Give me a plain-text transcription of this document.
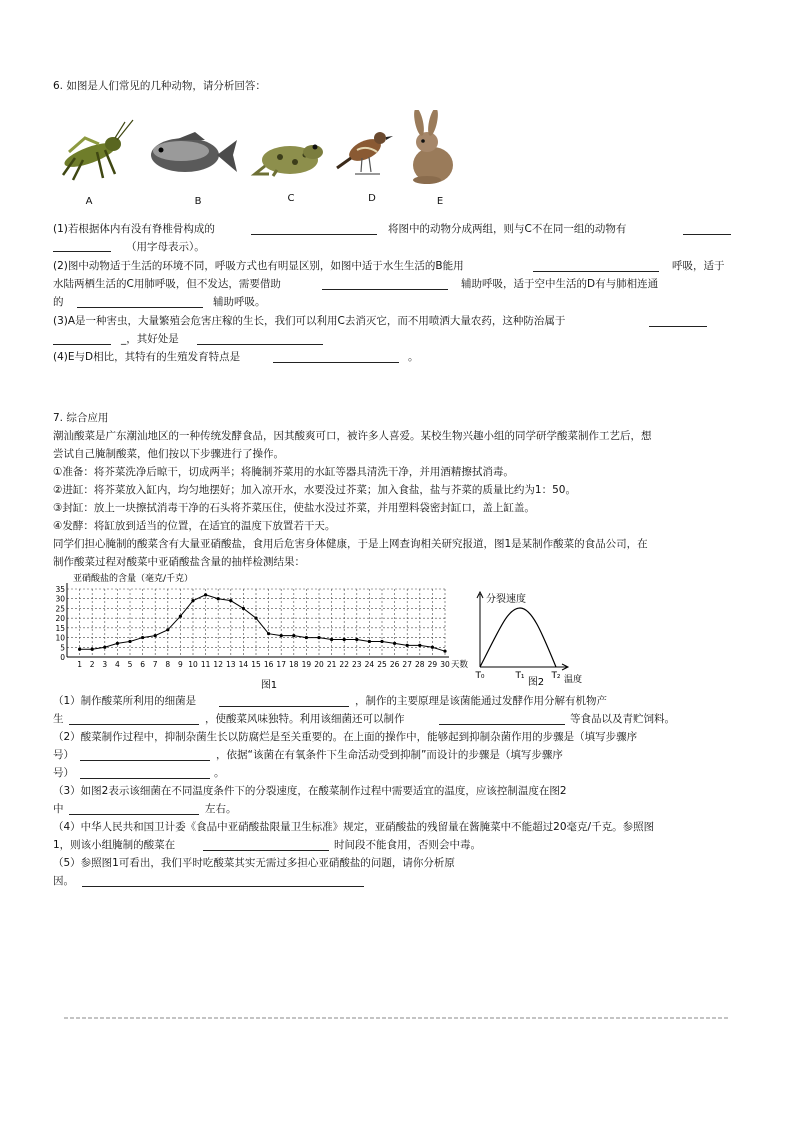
6. 如图是人们常见的几种动物，请分析回答：
A	B	C	D	E
(1)若根据体内有没有脊椎骨构成的	将图中的动物分成两组，则与C不在同一组的动物有
（用字母表示）。
(2)图中动物适于生活的环境不同，呼吸方式也有明显区别，如图中适于水生生活的B能用	呼吸，适于
水陆两栖生活的C用肺呼吸，但不发达，需要借助	辅助呼吸，适于空中生活的D有与肺相连通
的	辅助呼吸。
(3)A是一种害虫，大量繁殖会危害庄稼的生长，我们可以利用C去消灭它，而不用喷洒大量农药，这种防治属于
_，其好处是
(4)E与D相比，其特有的生殖发育特点是	。
7. 综合应用
潮汕酸菜是广东潮汕地区的一种传统发酵食品，因其酸爽可口，被许多人喜爱。某校生物兴趣小组的同学研学酸菜制作工艺后，想
尝试自己腌制酸菜，他们按以下步骤进行了操作。
①准备：将芥菜洗净后晾干，切成两半；将腌制芥菜用的水缸等器具清洗干净，并用酒精擦拭消毒。
②进缸：将芥菜放入缸内，均匀地摆好；加入凉开水，水要没过芥菜；加入食盐，盐与芥菜的质量比约为1：50。
③封缸：放上一块擦拭消毒干净的石头将芥菜压住，使盐水没过芥菜，并用塑料袋密封缸口，盖上缸盖。
④发酵：将缸放到适当的位置，在适宜的温度下放置若干天。
同学们担心腌制的酸菜含有大量亚硝酸盐，食用后危害身体健康，于是上网查询相关研究报道，图1是某制作酸菜的食品公司，在
制作酸菜过程对酸菜中亚硝酸盐含量的抽样检测结果：
亚硝酸盐的含量（毫克/千克）
0
5
10
15
20
25
30
35
1 2 3 4 5 6 7 8 9 10 11 12 13 14 15 16 17 18 19 20 21 22 23 24 25 26 27 28 29 30 天数
图1
分裂速度
T₀	T₁	T₂ 温度
图2
（1）制作酸菜所利用的细菌是	，制作的主要原理是该菌能通过发酵作用分解有机物产
生	，使酸菜风味独特。利用该细菌还可以制作	等食品以及青贮饲料。
（2）酸菜制作过程中，抑制杂菌生长以防腐烂是至关重要的。在上面的操作中，能够起到抑制杂菌作用的步骤是（填写步骤序
号）	，依据“该菌在有氧条件下生命活动受到抑制”而设计的步骤是（填写步骤序
号）	。
（3）如图2表示该细菌在不同温度条件下的分裂速度，在酸菜制作过程中需要适宜的温度，应该控制温度在图2
中	左右。
（4）中华人民共和国卫计委《食品中亚硝酸盐限量卫生标准》规定，亚硝酸盐的残留量在酱腌菜中不能超过20毫克/千克。参照图
1，则该小组腌制的酸菜在	时间段不能食用，否则会中毒。
（5）参照图1可看出，我们平时吃酸菜其实无需过多担心亚硝酸盐的问题，请你分析原
因。
